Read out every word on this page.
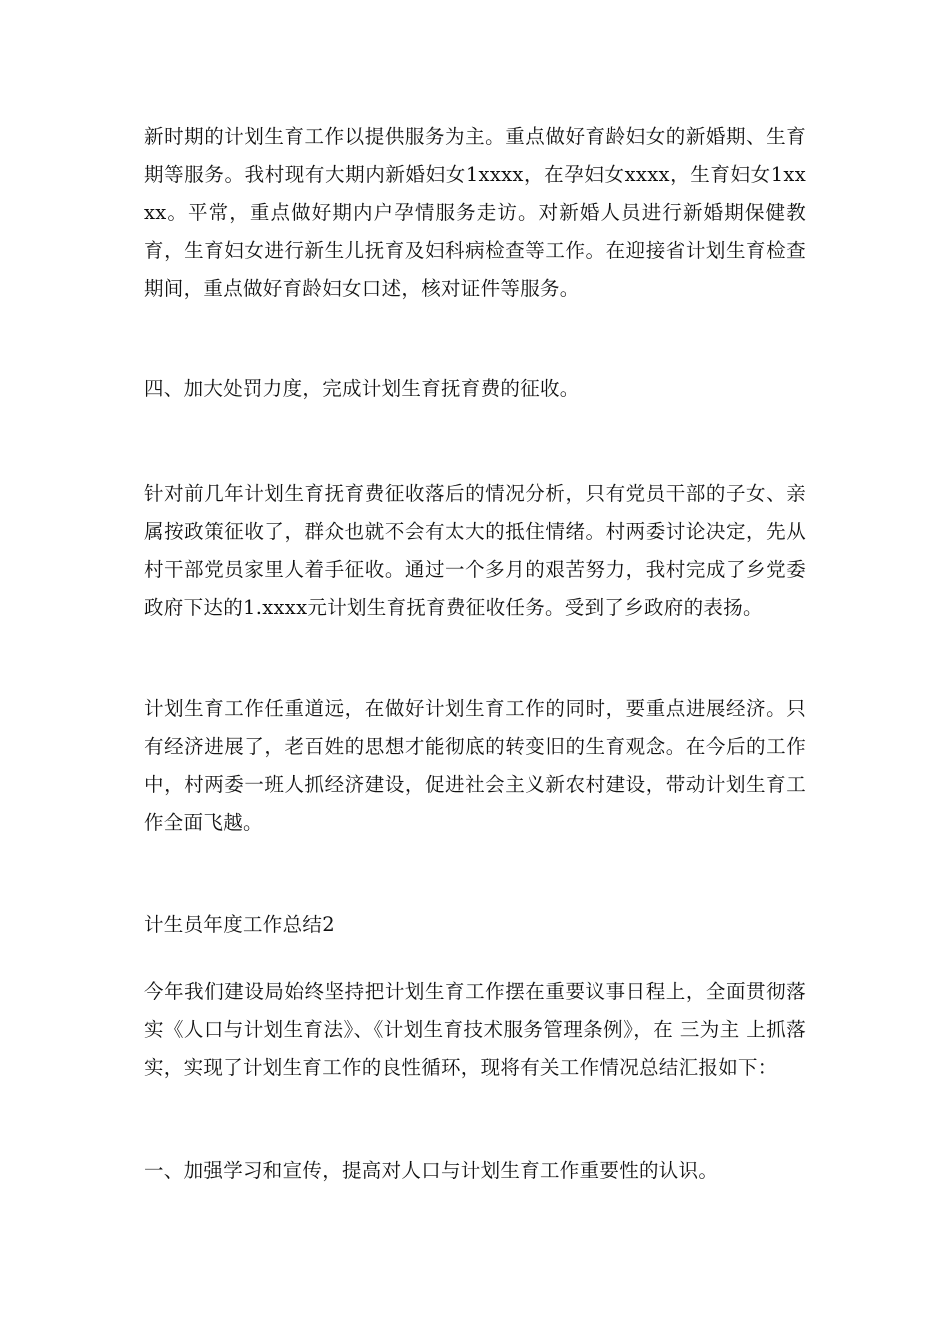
新时期的计划生育工作以提供服务为主。重点做好育龄妇女的新婚期、生育期等服务。我村现有大期内新婚妇女1xxxx，在孕妇女xxxx，生育妇女1xxxx。平常，重点做好期内户孕情服务走访。对新婚人员进行新婚期保健教育，生育妇女进行新生儿抚育及妇科病检查等工作。在迎接省计划生育检查期间，重点做好育龄妇女口述，核对证件等服务。

四、加大处罚力度，完成计划生育抚育费的征收。

针对前几年计划生育抚育费征收落后的情况分析，只有党员干部的子女、亲属按政策征收了，群众也就不会有太大的抵住情绪。村两委讨论决定，先从村干部党员家里人着手征收。通过一个多月的艰苦努力，我村完成了乡党委政府下达的1.xxxx元计划生育抚育费征收任务。受到了乡政府的表扬。

计划生育工作任重道远，在做好计划生育工作的同时，要重点进展经济。只有经济进展了，老百姓的思想才能彻底的转变旧的生育观念。在今后的工作中，村两委一班人抓经济建设，促进社会主义新农村建设，带动计划生育工作全面飞越。

计生员年度工作总结2

今年我们建设局始终坚持把计划生育工作摆在重要议事日程上，全面贯彻落实《人口与计划生育法》、《计划生育技术服务管理条例》，在 三为主 上抓落实，实现了计划生育工作的良性循环，现将有关工作情况总结汇报如下：

一、加强学习和宣传，提高对人口与计划生育工作重要性的认识。
